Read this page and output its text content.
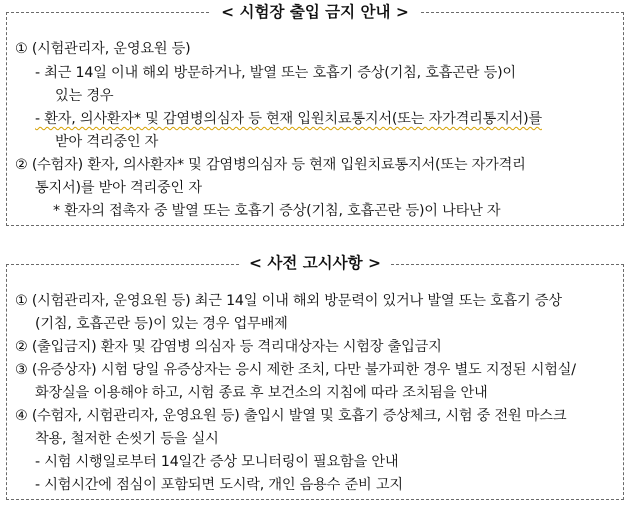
< 시험장 출입 금지 안내 >
① (시험관리자, 운영요원 등)
- 최근 14일 이내 해외 방문하거나, 발열 또는 호흡기 증상(기침, 호흡곤란 등)이
있는 경우
- 환자, 의사환자* 및 감염병의심자 등 현재 입원치료통지서(또는 자가격리통지서)를
받아 격리중인 자
② (수험자) 환자, 의사환자* 및 감염병의심자 등 현재 입원치료통지서(또는 자가격리
통지서)를 받아 격리중인 자
* 환자의 접촉자 중 발열 또는 호흡기 증상(기침, 호흡곤란 등)이 나타난 자
< 사전 고시사항 >
① (시험관리자, 운영요원 등) 최근 14일 이내 해외 방문력이 있거나 발열 또는 호흡기 증상
(기침, 호흡곤란 등)이 있는 경우 업무배제
② (출입금지) 환자 및 감염병 의심자 등 격리대상자는 시험장 출입금지
③ (유증상자) 시험 당일 유증상자는 응시 제한 조치, 다만 불가피한 경우 별도 지정된 시험실/
화장실을 이용해야 하고, 시험 종료 후 보건소의 지침에 따라 조치됨을 안내
④ (수험자, 시험관리자, 운영요원 등) 출입시 발열 및 호흡기 증상체크, 시험 중 전원 마스크
착용, 철저한 손씻기 등을 실시
- 시험 시행일로부터 14일간 증상 모니터링이 필요함을 안내
- 시험시간에 점심이 포함되면 도시락, 개인 음용수 준비 고지
